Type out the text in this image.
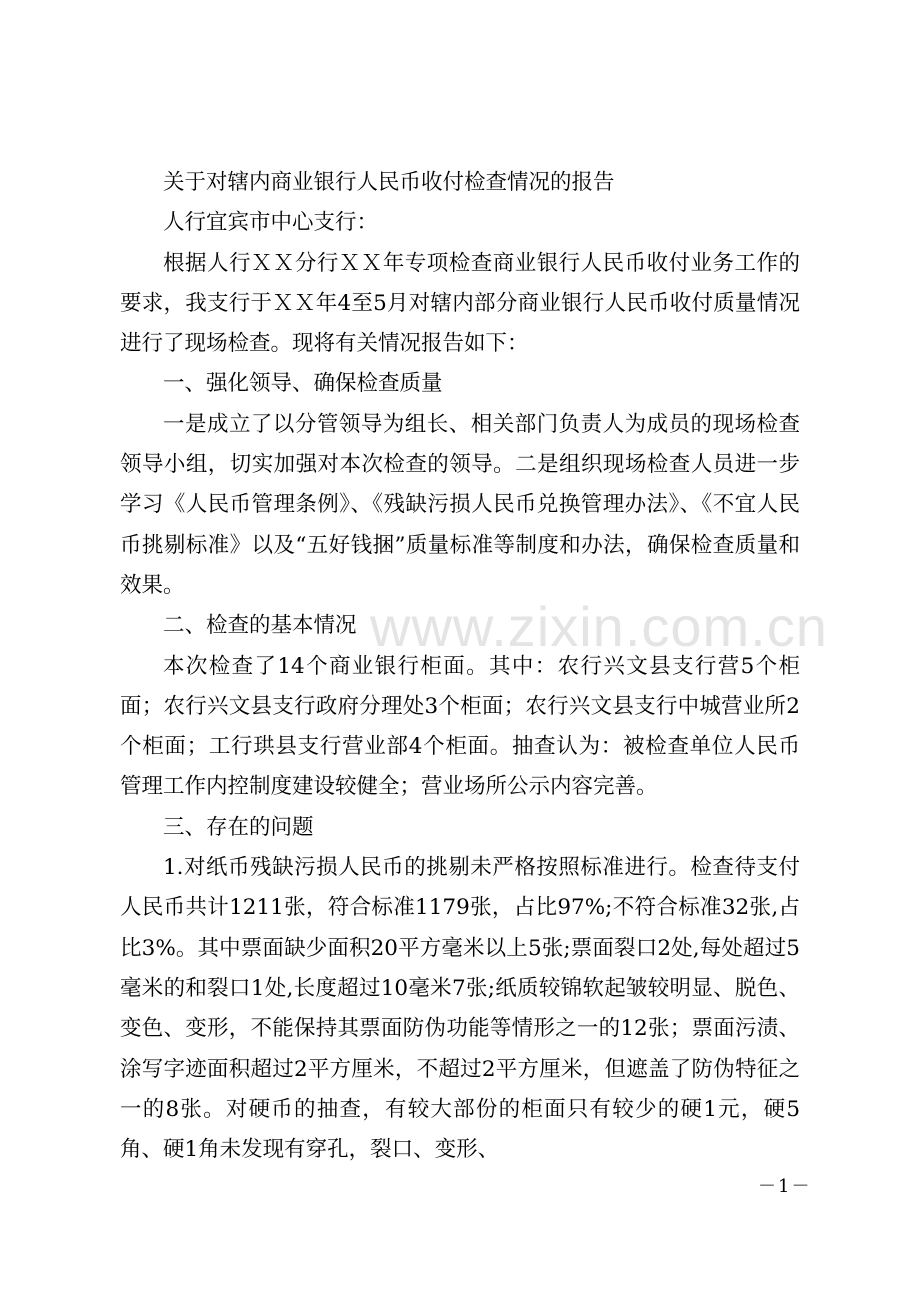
关于对辖内商业银行人民币收付检查情况的报告

人行宜宾市中心支行：

根据人行ＸＸ分行ＸＸ年专项检查商业银行人民币收付业务工作的要求，我支行于ＸＸ年4至5月对辖内部分商业银行人民币收付质量情况进行了现场检查。现将有关情况报告如下：

一、强化领导、确保检查质量

一是成立了以分管领导为组长、相关部门负责人为成员的现场检查领导小组，切实加强对本次检查的领导。二是组织现场检查人员进一步学习《人民币管理条例》、《残缺污损人民币兑换管理办法》、《不宜人民币挑剔标准》以及“五好钱捆”质量标准等制度和办法，确保检查质量和效果。

二、检查的基本情况

本次检查了14个商业银行柜面。其中：农行兴文县支行营5个柜面；农行兴文县支行政府分理处3个柜面；农行兴文县支行中城营业所2个柜面；工行珙县支行营业部4个柜面。抽查认为：被检查单位人民币管理工作内控制度建设较健全；营业场所公示内容完善。

三、存在的问题

1.对纸币残缺污损人民币的挑剔未严格按照标准进行。检查待支付人民币共计1211张，符合标准1179张，占比97%;不符合标准32张,占比3%。其中票面缺少面积20平方毫米以上5张;票面裂口2处,每处超过5毫米的和裂口1处,长度超过10毫米7张;纸质较锦软起皱较明显、脱色、变色、变形，不能保持其票面防伪功能等情形之一的12张；票面污渍、涂写字迹面积超过2平方厘米，不超过2平方厘米，但遮盖了防伪特征之一的8张。对硬币的抽查，有较大部份的柜面只有较少的硬1元，硬5角、硬1角未发现有穿孔，裂口、变形、

www.zixin.com.cn
－1－
